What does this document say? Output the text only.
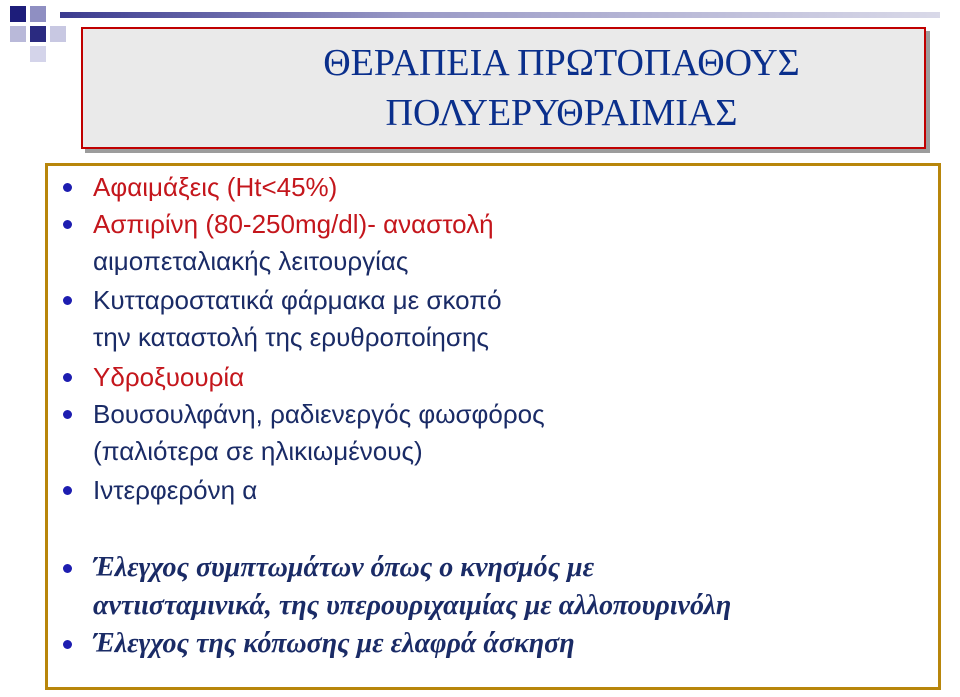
ΘΕΡΑΠΕΙΑ ΠΡΩΤΟΠΑΘΟΥΣ
ΠΟΛΥΕΡΥΘΡΑΙΜΙΑΣ
Αφαιμάξεις (Ht<45%)
Ασπιρίνη (80-250mg/dl)- αναστολή
αιμοπεταλιακής λειτουργίας
Κυτταροστατικά φάρμακα με σκοπό
την καταστολή της ερυθροποίησης
Υδροξυουρία
Βουσουλφάνη, ραδιενεργός φωσφόρος
(παλιότερα σε ηλικιωμένους)
Ιντερφερόνη α
Έλεγχος συμπτωμάτων όπως ο κνησμός με
αντιισταμινικά, της υπερουριχαιμίας με αλλοπουρινόλη
Έλεγχος της κόπωσης με ελαφρά άσκηση
